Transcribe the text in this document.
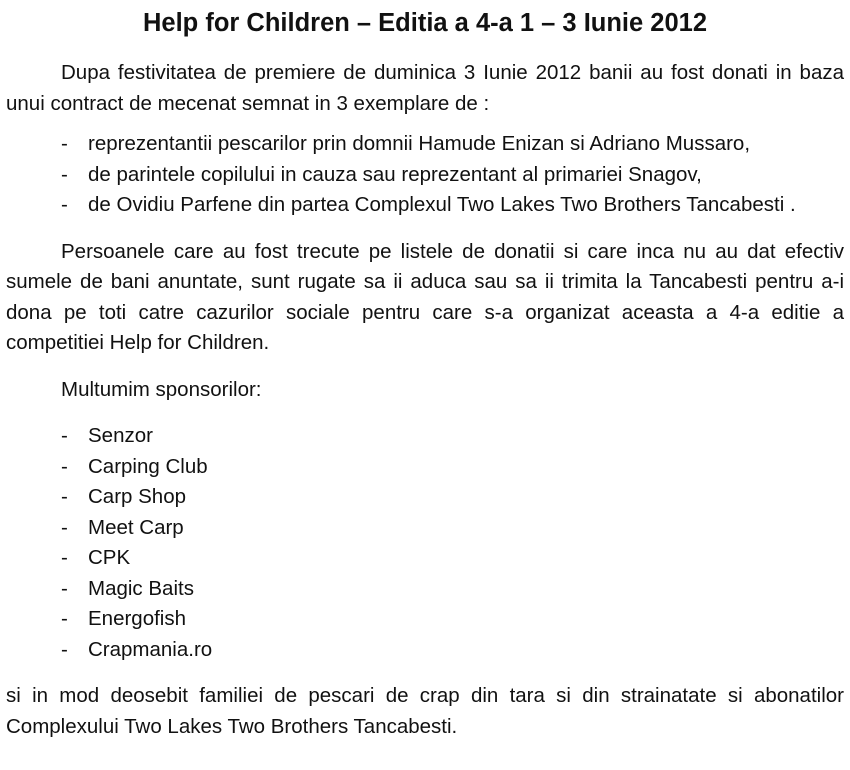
Help for Children – Editia a 4-a 1 – 3 Iunie 2012

Dupa festivitatea de premiere de duminica 3 Iunie 2012 banii au fost donati in baza unui contract de mecenat semnat in 3 exemplare de :

- reprezentantii pescarilor prin domnii Hamude Enizan si Adriano Mussaro,
- de parintele copilului in cauza sau reprezentant al primariei Snagov,
- de Ovidiu Parfene din partea Complexul Two Lakes Two Brothers Tancabesti .

Persoanele care au fost trecute pe listele de donatii si care inca nu au dat efectiv sumele de bani anuntate, sunt rugate sa ii aduca sau sa ii trimita la Tancabesti pentru a-i dona pe toti catre cazurilor sociale pentru care s-a organizat aceasta a 4-a editie a competitiei Help for Children.

Multumim sponsorilor:

- Senzor
- Carping Club
- Carp Shop
- Meet Carp
- CPK
- Magic Baits
- Energofish
- Crapmania.ro

si in mod deosebit familiei de pescari de crap din tara si din strainatate si abonatilor Complexului Two Lakes Two Brothers Tancabesti.
